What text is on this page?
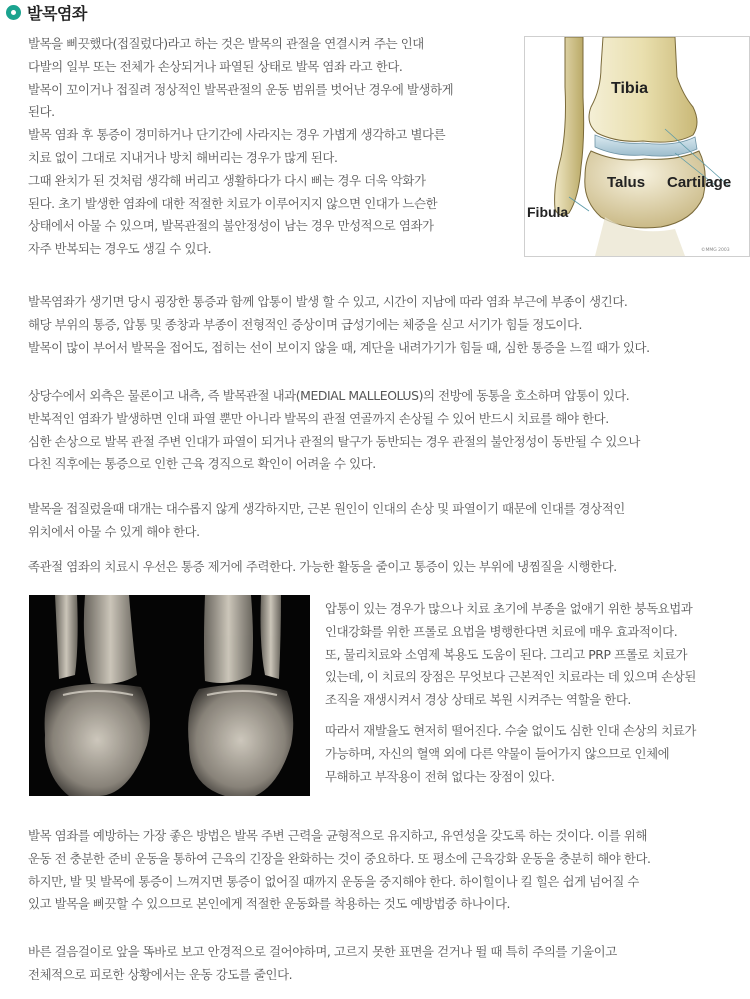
발목염좌
발목을 삐끗했다(접질렀다)라고 하는 것은 발목의 관절을 연결시켜 주는 인대
다발의 일부 또는 전체가 손상되거나 파열된 상태로 발목 염좌 라고 한다.
발목이 꼬이거나 접질려 정상적인 발목관절의 운동 범위를 벗어난 경우에 발생하게
된다.
발목 염좌 후 통증이 경미하거나 단기간에 사라지는 경우 가볍게 생각하고 별다른
치료 없이 그대로 지내거나 방치 해버리는 경우가 많게 된다.
그때 완치가 된 것처럼 생각해 버리고 생활하다가 다시 삐는 경우 더욱 악화가
된다. 초기 발생한 염좌에 대한 적절한 치료가 이루어지지 않으면 인대가 느슨한
상태에서 아물 수 있으며, 발목관절의 불안정성이 남는 경우 만성적으로 염좌가
자주 반복되는 경우도 생길 수 있다.
Tibia
Talus Cartilage
Fibula
©MMG 2003
발목염좌가 생기면 당시 굉장한 통증과 함께 압통이 발생 할 수 있고, 시간이 지남에 따라 염좌 부근에 부종이 생긴다.
해당 부위의 통증, 압통 및 종창과 부종이 전형적인 증상이며 급성기에는 체중을 싣고 서기가 힘들 정도이다.
발목이 많이 부어서 발목을 접어도, 접히는 선이 보이지 않을 때, 계단을 내려가기가 힘들 때, 심한 통증을 느낄 때가 있다.
상당수에서 외측은 물론이고 내측, 즉 발목관절 내과(MEDIAL MALLEOLUS)의 전방에 동통을 호소하며 압통이 있다.
반복적인 염좌가 발생하면 인대 파열 뿐만 아니라 발목의 관절 연골까지 손상될 수 있어 반드시 치료를 해야 한다.
심한 손상으로 발목 관절 주변 인대가 파열이 되거나 관절의 탈구가 동반되는 경우 관절의 불안정성이 동반될 수 있으나
다친 직후에는 통증으로 인한 근육 경직으로 확인이 어려울 수 있다.
발목을 접질렀을때 대개는 대수롭지 않게 생각하지만, 근본 원인이 인대의 손상 및 파열이기 때문에 인대를 경상적인
위치에서 아물 수 있게 해야 한다.
족관절 염좌의 치료시 우선은 통증 제거에 주력한다. 가능한 활동을 줄이고 통증이 있는 부위에 냉찜질을 시행한다.
압통이 있는 경우가 많으나 치료 초기에 부종을 없애기 위한 붕독요법과
인대강화를 위한 프롤로 요법을 병행한다면 치료에 매우 효과적이다.
또, 물리치료와 소염제 복용도 도움이 된다. 그리고 PRP 프롤로 치료가
있는데, 이 치료의 장점은 무엇보다 근본적인 치료라는 데 있으며 손상된
조직을 재생시켜서 경상 상태로 복원 시켜주는 역할을 한다.
따라서 재발율도 현저히 떨어진다. 수술 없이도 심한 인대 손상의 치료가
가능하며, 자신의 혈액 외에 다른 약물이 들어가지 않으므로 인체에
무해하고 부작용이 전혀 없다는 장점이 있다.
발목 염좌를 예방하는 가장 좋은 방법은 발목 주변 근력을 균형적으로 유지하고, 유연성을 갖도록 하는 것이다. 이를 위해
운동 전 충분한 준비 운동을 통하여 근육의 긴장을 완화하는 것이 중요하다. 또 평소에 근육강화 운동을 충분히 해야 한다.
하지만, 발 및 발목에 통증이 느껴지면 통증이 없어질 때까지 운동을 중지해야 한다. 하이힐이나 킬 힐은 쉽게 넘어질 수
있고 발목을 삐끗할 수 있으므로 본인에게 적절한 운동화를 착용하는 것도 예방법중 하나이다.
바른 걸음걸이로 앞을 똑바로 보고 안경적으로 걸어야하며, 고르지 못한 표면을 걷거나 뛸 때 특히 주의를 기울이고
전체적으로 피로한 상황에서는 운동 강도를 줄인다.
